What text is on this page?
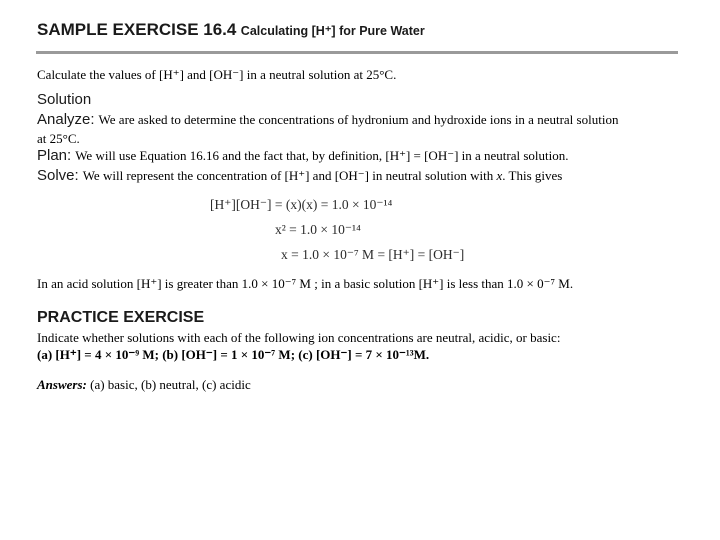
SAMPLE EXERCISE 16.4 Calculating [H⁺] for Pure Water
Calculate the values of [H⁺] and [OH⁻] in a neutral solution at 25°C.
Solution
Analyze: We are asked to determine the concentrations of hydronium and hydroxide ions in a neutral solution
at 25°C.
Plan: We will use Equation 16.16 and the fact that, by definition, [H⁺] = [OH⁻] in a neutral solution.
Solve: We will represent the concentration of [H⁺] and [OH⁻] in neutral solution with x. This gives
[H⁺][OH⁻] = (x)(x) = 1.0 × 10⁻¹⁴
x² = 1.0 × 10⁻¹⁴
x = 1.0 × 10⁻⁷ M = [H⁺] = [OH⁻]
In an acid solution [H⁺] is greater than 1.0 × 10⁻⁷ M ; in a basic solution [H⁺] is less than 1.0 × 0⁻⁷ M.
PRACTICE EXERCISE
Indicate whether solutions with each of the following ion concentrations are neutral, acidic, or basic:
(a) [H⁺] = 4 × 10⁻⁹ M; (b) [OH⁻] = 1 × 10⁻⁷ M; (c) [OH⁻] = 7 × 10⁻¹³M.
Answers: (a) basic, (b) neutral, (c) acidic
